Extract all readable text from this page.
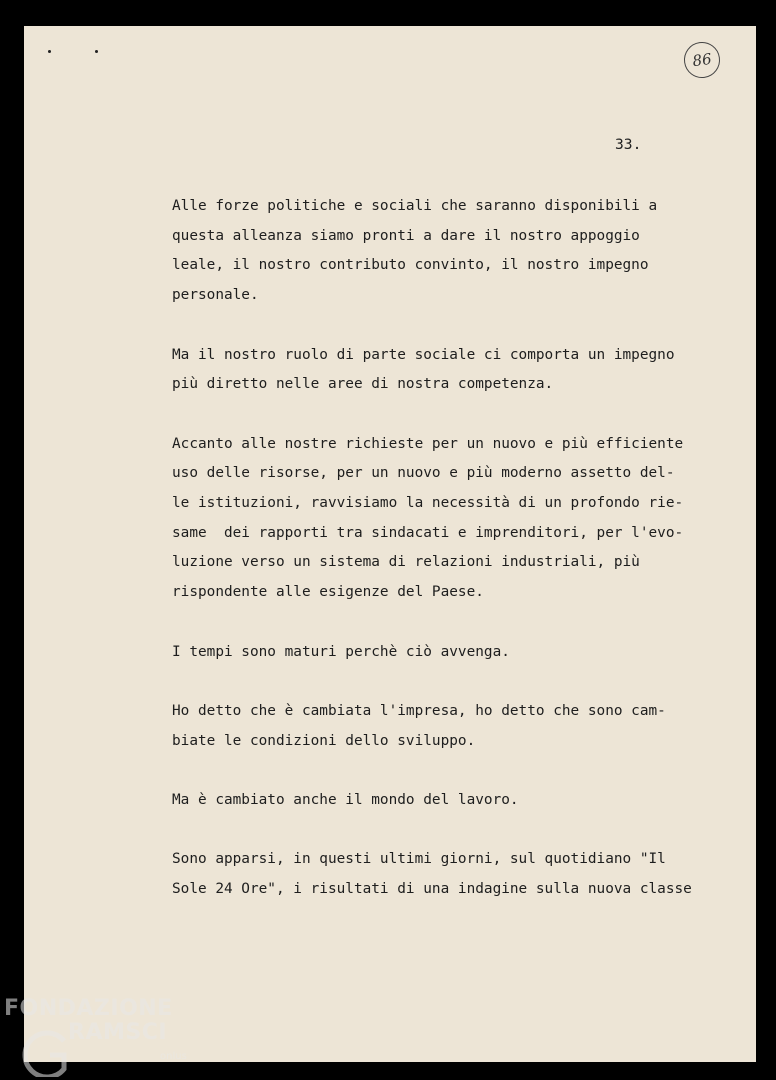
86
33.
Alle forze politiche e sociali che saranno disponibili a
questa alleanza siamo pronti a dare il nostro appoggio
leale, il nostro contributo convinto, il nostro impegno
personale.
Ma il nostro ruolo di parte sociale ci comporta un impegno
più diretto nelle aree di nostra competenza.
Accanto alle nostre richieste per un nuovo e più efficiente
uso delle risorse, per un nuovo e più moderno assetto del-
le istituzioni, ravvisiamo la necessità di un profondo rie-
same  dei rapporti tra sindacati e imprenditori, per l'evo-
luzione verso un sistema di relazioni industriali, più
rispondente alle esigenze del Paese.
I tempi sono maturi perchè ciò avvenga.
Ho detto che è cambiata l'impresa, ho detto che sono cam-
biate le condizioni dello sviluppo.
Ma è cambiato anche il mondo del lavoro.
Sono apparsi, in questi ultimi giorni, sul quotidiano "Il
Sole 24 Ore", i risultati di una indagine sulla nuova classe
FONDAZIONE
RAMSCI
onlus
